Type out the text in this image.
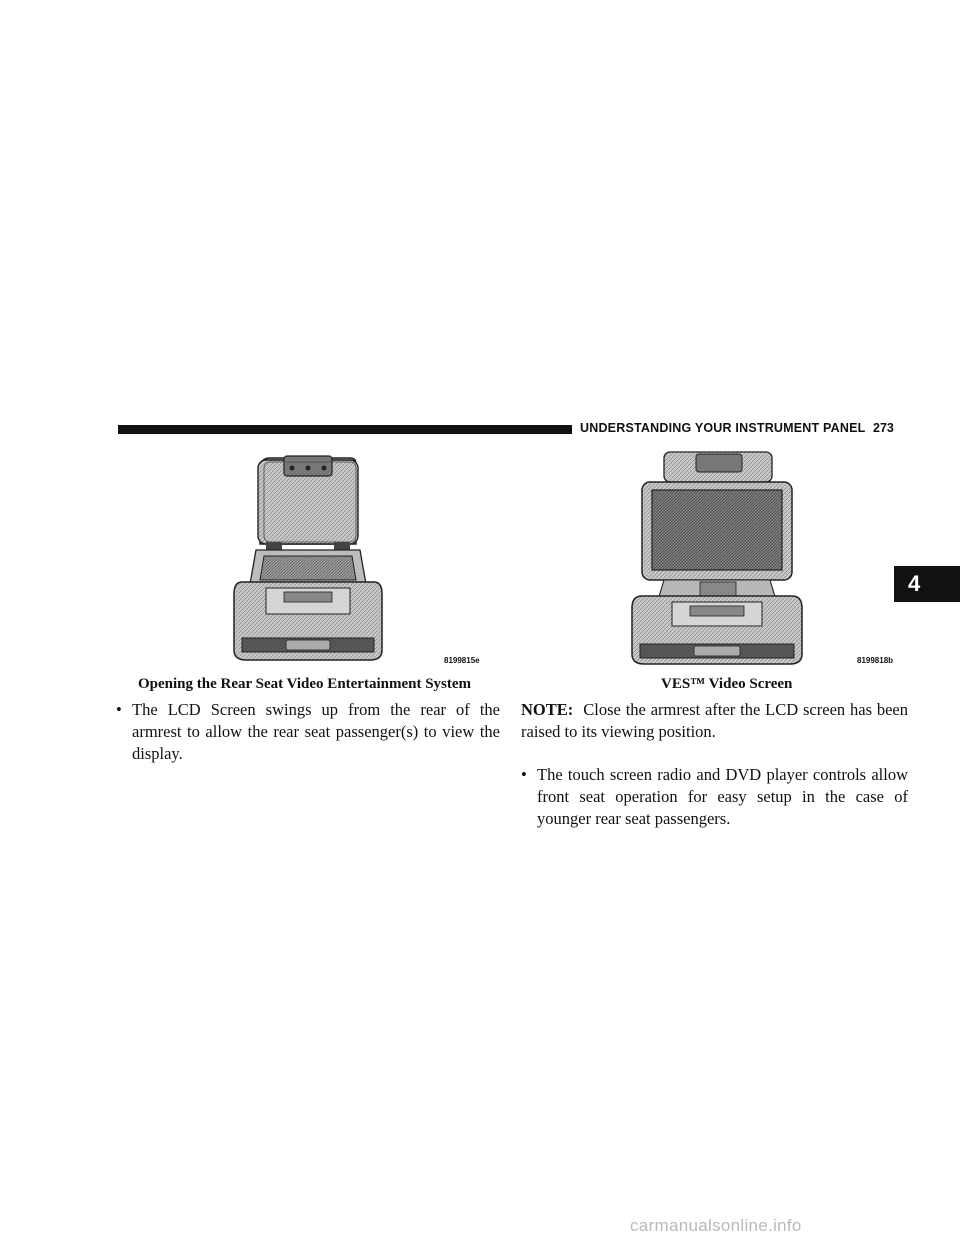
UNDERSTANDING YOUR INSTRUMENT PANEL 273
4
8199815e	8199818b
Opening the Rear Seat Video Entertainment System	VES™ Video Screen
• The LCD Screen swings up from the rear of the armrest to allow the rear seat passenger(s) to view the display.
NOTE: Close the armrest after the LCD screen has been raised to its viewing position.
• The touch screen radio and DVD player controls allow front seat operation for easy setup in the case of younger rear seat passengers.
carmanualsonline.info
